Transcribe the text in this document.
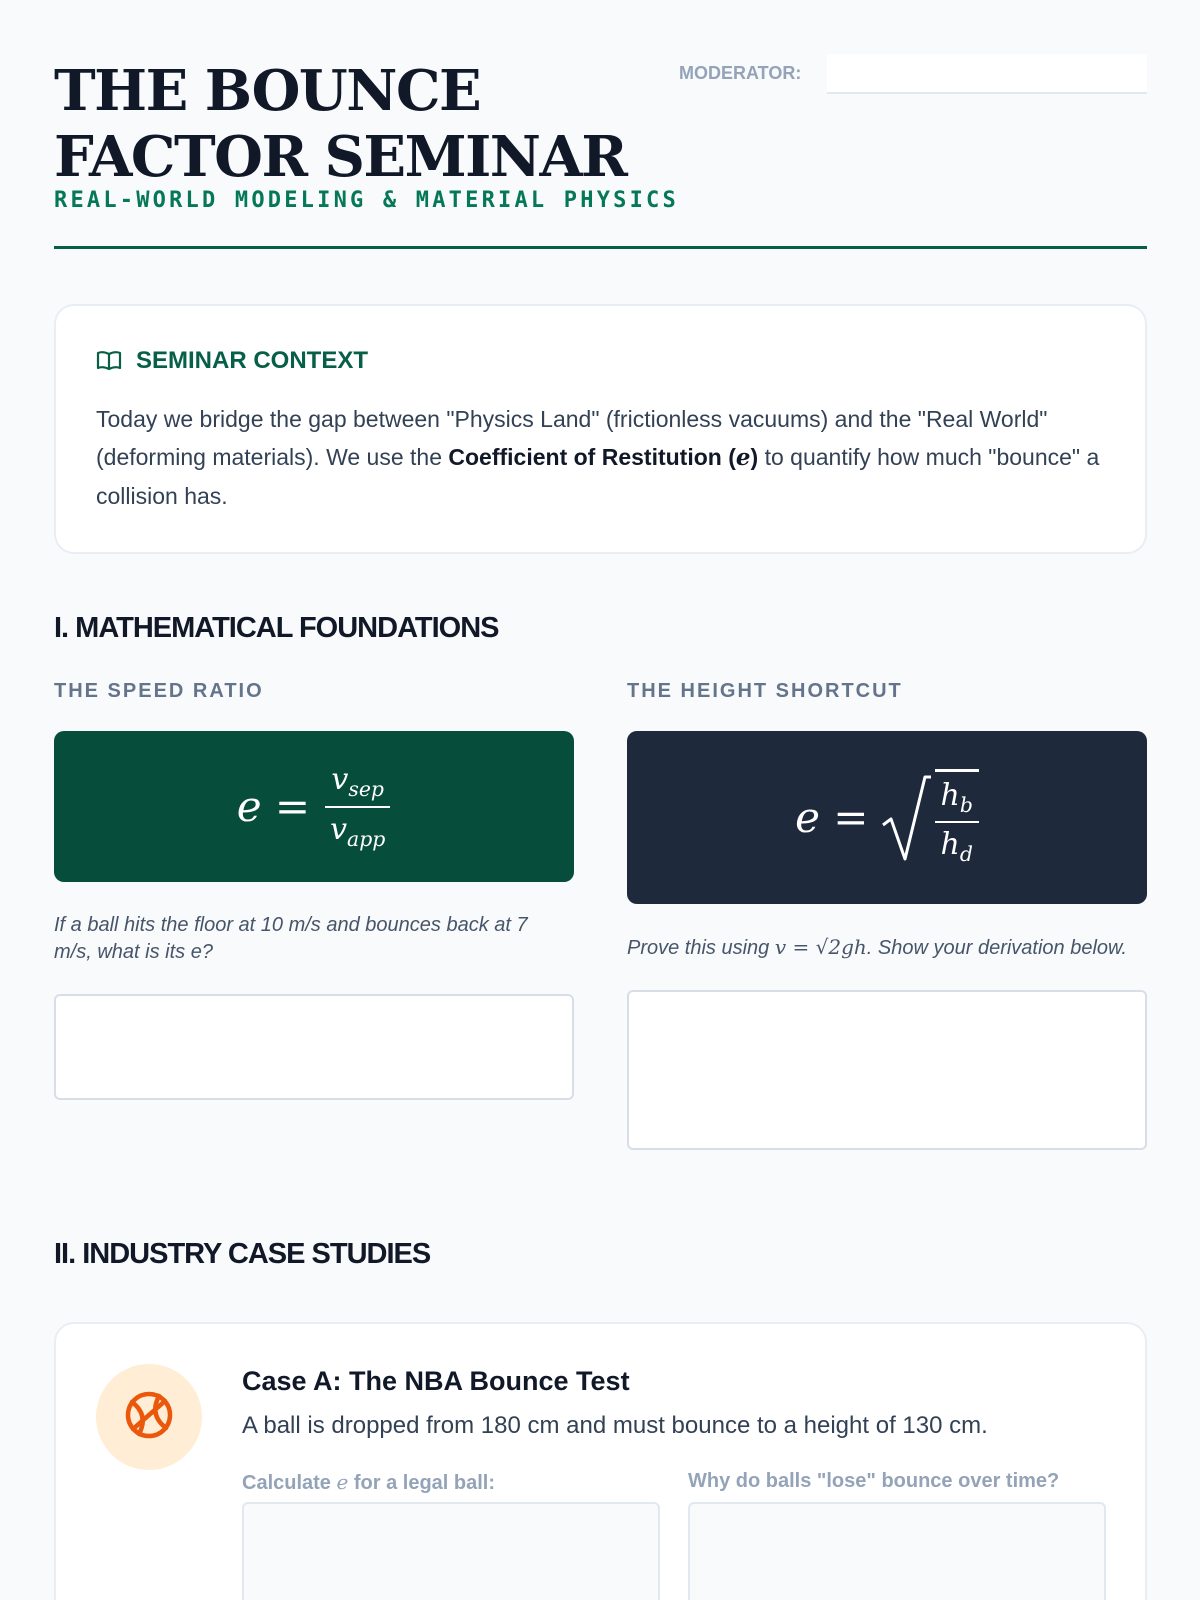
THE BOUNCE FACTOR SEMINAR
REAL-WORLD MODELING & MATERIAL PHYSICS
MODERATOR:
SEMINAR CONTEXT

Today we bridge the gap between "Physics Land" (frictionless vacuums) and the "Real World" (deforming materials). We use the Coefficient of Restitution (e) to quantify how much "bounce" a collision has.

I. MATHEMATICAL FOUNDATIONS
THE SPEED RATIO
$e = \frac{v_{sep}}{v_{app}}$

If a ball hits the floor at 10 m/s and bounces back at 7 m/s, what is its e?

THE HEIGHT SHORTCUT
$e = \frac{h_b}{h_d}$

Prove this using v = √2gh. Show your derivation below.

II. INDUSTRY CASE STUDIES
Case A: The NBA Bounce Test
A ball is dropped from 180 cm and must bounce to a height of 130 cm.
Calculate e for a legal ball:	Why do balls "lose" bounce over time?
